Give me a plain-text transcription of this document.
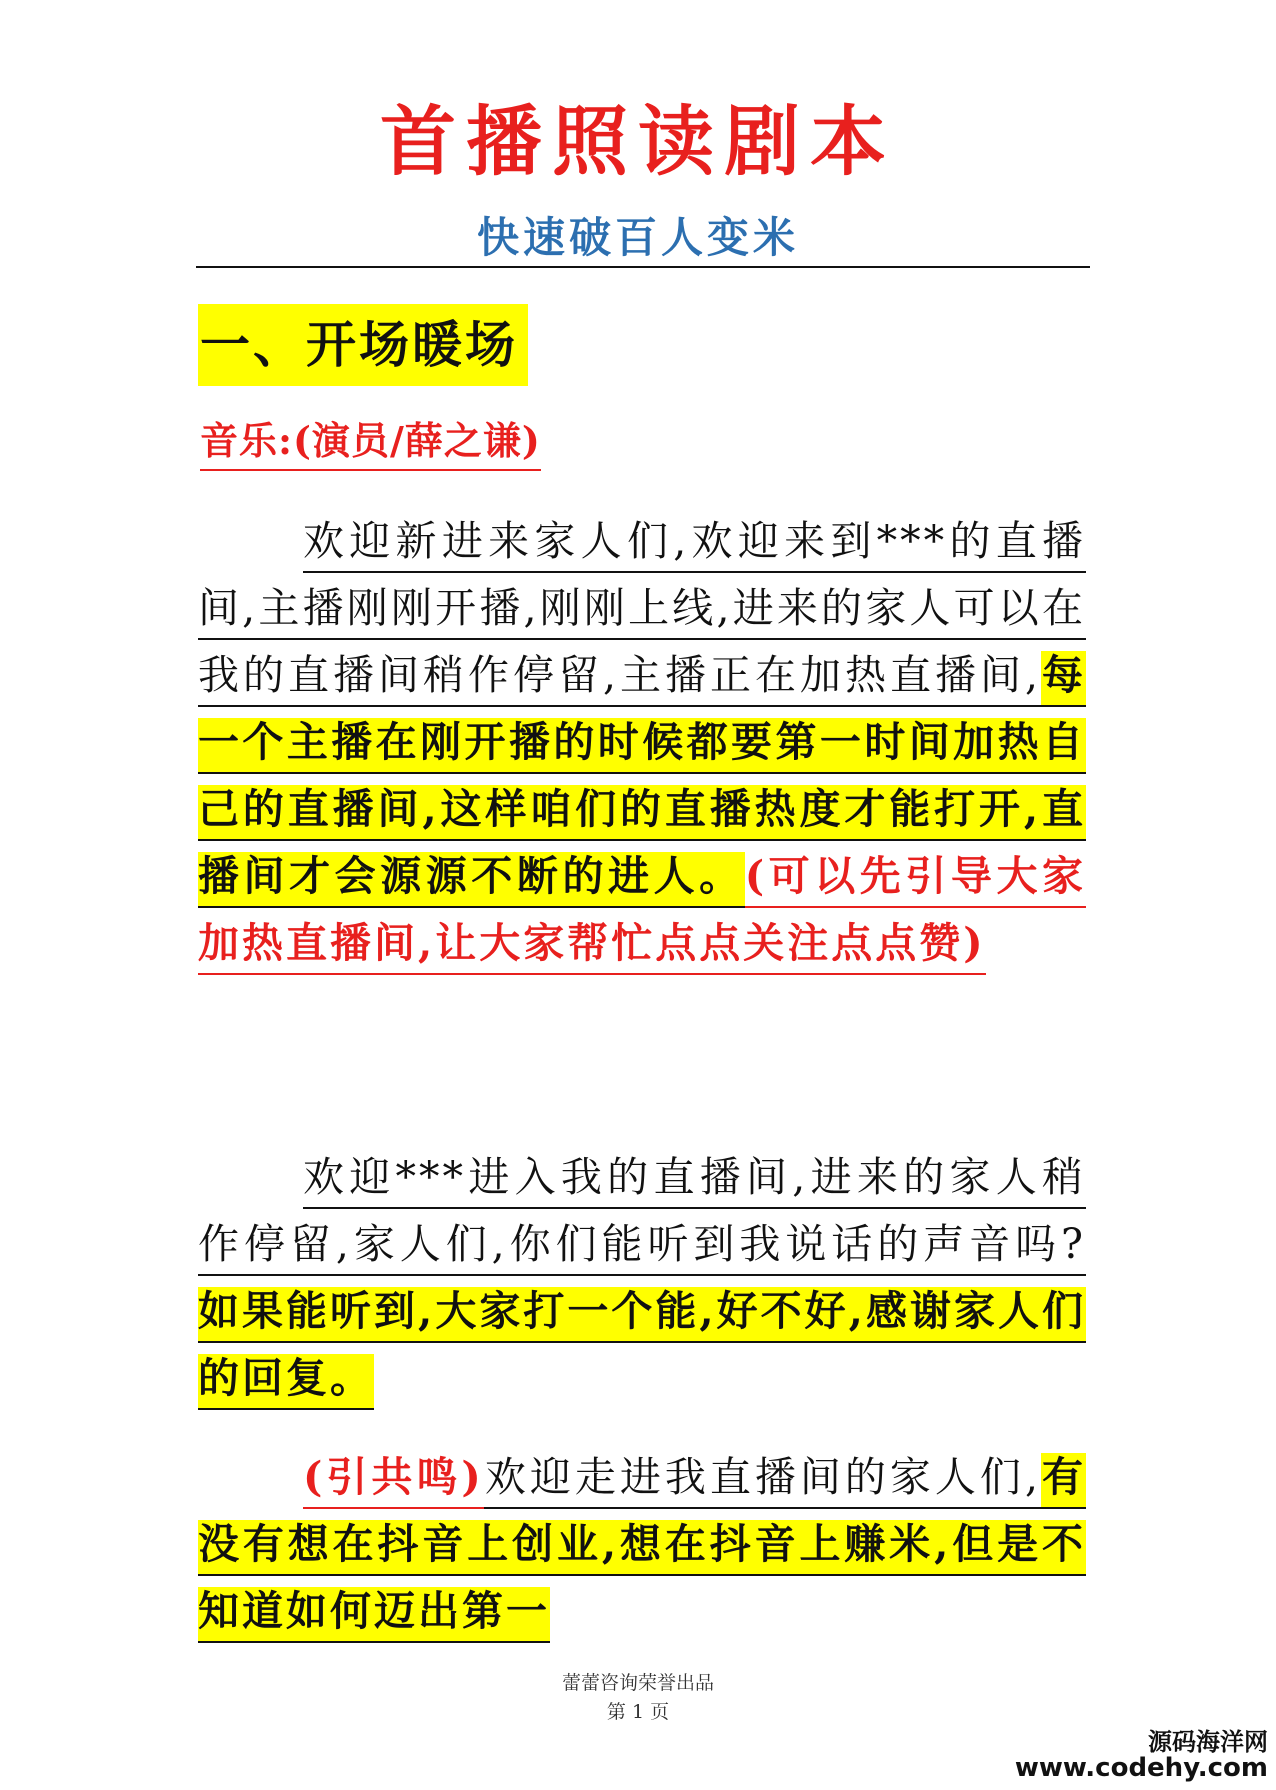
首播照读剧本
快速破百人变米
一、开场暖场
音乐:(演员/薛之谦)
欢迎新进来家人们,欢迎来到***的直播间,主播刚刚开播,刚刚上线,进来的家人可以在我的直播间稍作停留,主播正在加热直播间,每一个主播在刚开播的时候都要第一时间加热自己的直播间,这样咱们的直播热度才能打开,直播间才会源源不断的进人。(可以先引导大家加热直播间,让大家帮忙点点关注点点赞)
欢迎***进入我的直播间,进来的家人稍作停留,家人们,你们能听到我说话的声音吗?如果能听到,大家打一个能,好不好,感谢家人们的回复。
(引共鸣)欢迎走进我直播间的家人们,有没有想在抖音上创业,想在抖音上赚米,但是不知道如何迈出第一
蕾蕾咨询荣誉出品
第 1 页
源码海洋网
www.codehy.com
